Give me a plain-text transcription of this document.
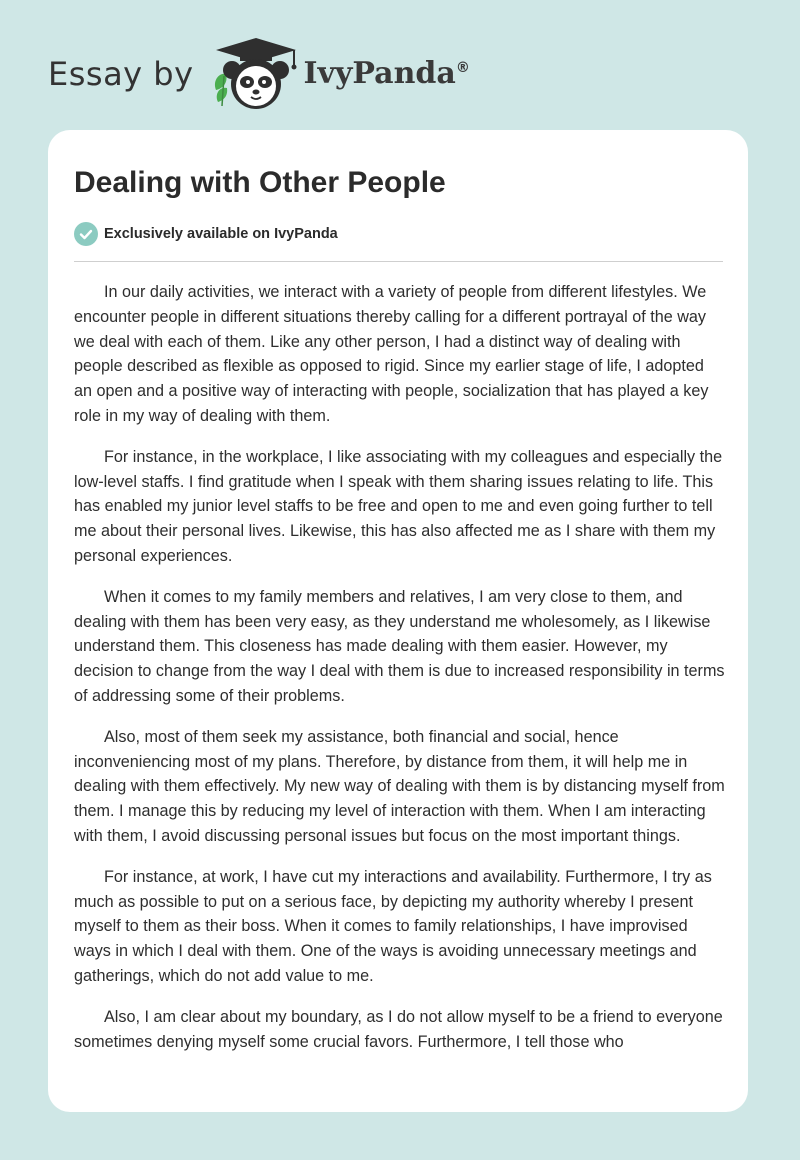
Essay by	IvyPanda®
Dealing with Other People
Exclusively available on IvyPanda

In our daily activities, we interact with a variety of people from different lifestyles. We encounter people in different situations thereby calling for a different portrayal of the way we deal with each of them. Like any other person, I had a distinct way of dealing with people described as flexible as opposed to rigid. Since my earlier stage of life, I adopted an open and a positive way of interacting with people, socialization that has played a key role in my way of dealing with them.

For instance, in the workplace, I like associating with my colleagues and especially the low-level staffs. I find gratitude when I speak with them sharing issues relating to life. This has enabled my junior level staffs to be free and open to me and even going further to tell me about their personal lives. Likewise, this has also affected me as I share with them my personal experiences.

When it comes to my family members and relatives, I am very close to them, and dealing with them has been very easy, as they understand me wholesomely, as I likewise understand them. This closeness has made dealing with them easier. However, my decision to change from the way I deal with them is due to increased responsibility in terms of addressing some of their problems.

Also, most of them seek my assistance, both financial and social, hence inconveniencing most of my plans. Therefore, by distance from them, it will help me in dealing with them effectively. My new way of dealing with them is by distancing myself from them. I manage this by reducing my level of interaction with them. When I am interacting with them, I avoid discussing personal issues but focus on the most important things.

For instance, at work, I have cut my interactions and availability. Furthermore, I try as much as possible to put on a serious face, by depicting my authority whereby I present myself to them as their boss. When it comes to family relationships, I have improvised ways in which I deal with them. One of the ways is avoiding unnecessary meetings and gatherings, which do not add value to me.

Also, I am clear about my boundary, as I do not allow myself to be a friend to everyone sometimes denying myself some crucial favors. Furthermore, I tell those who
